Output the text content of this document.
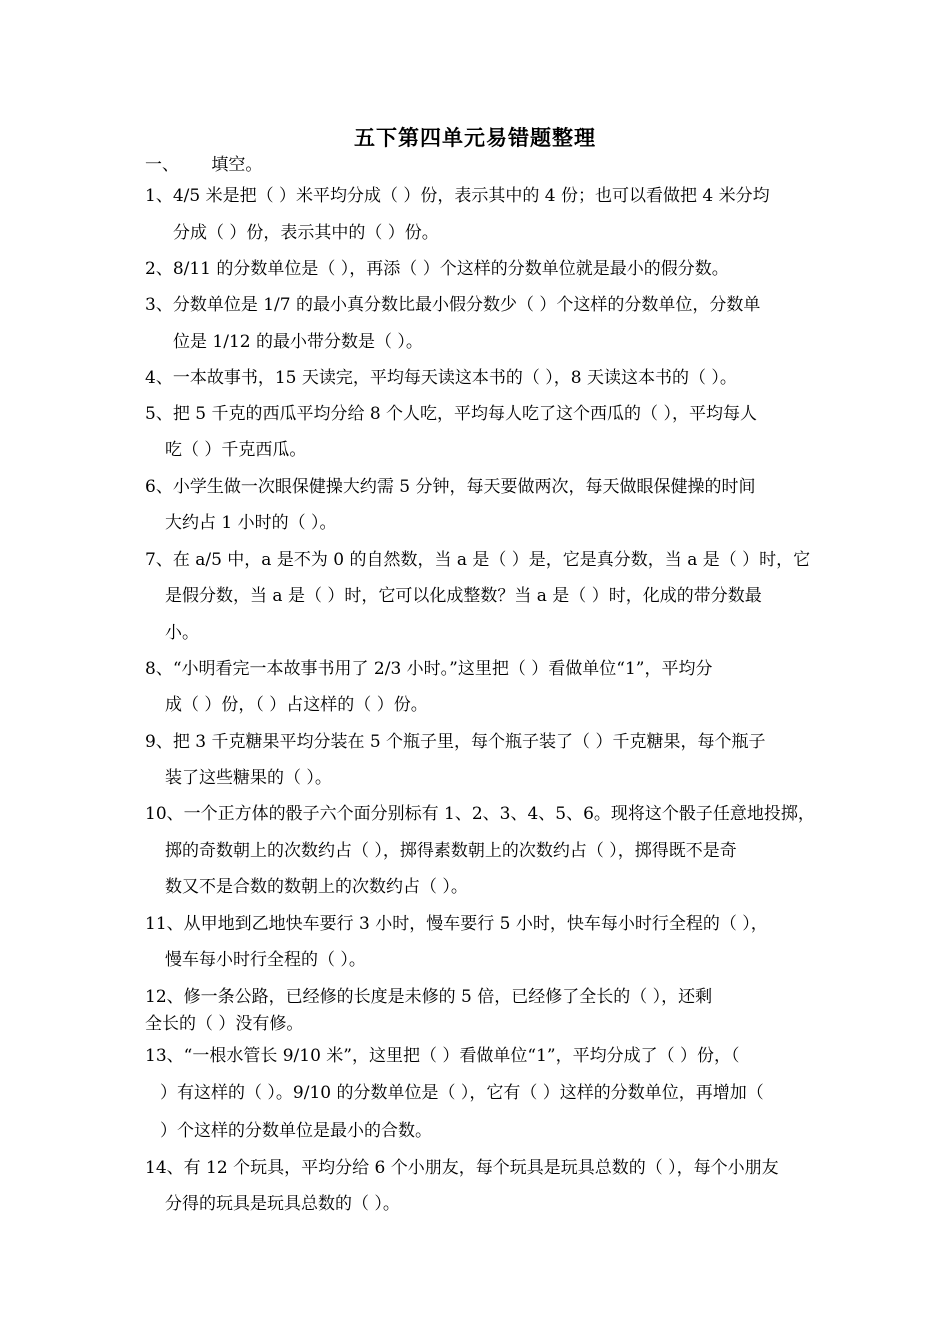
五下第四单元易错题整理
一、      填空。
1、4/5 米是把（ ）米平均分成（ ）份，表示其中的 4 份；也可以看做把 4 米分均
分成（ ）份，表示其中的（ ）份。
2、8/11 的分数单位是（ ），再添（ ）个这样的分数单位就是最小的假分数。
3、分数单位是 1/7 的最小真分数比最小假分数少（ ）个这样的分数单位，分数单
位是 1/12 的最小带分数是（ ）。
4、一本故事书，15 天读完，平均每天读这本书的（ ），8 天读这本书的（ ）。
5、把 5 千克的西瓜平均分给 8 个人吃，平均每人吃了这个西瓜的（ ），平均每人
吃（ ）千克西瓜。
6、小学生做一次眼保健操大约需 5 分钟，每天要做两次，每天做眼保健操的时间
大约占 1 小时的（ ）。
7、在 a/5 中，a 是不为 0 的自然数，当 a 是（ ）是，它是真分数，当 a 是（ ）时，它
是假分数，当 a 是（ ）时，它可以化成整数？当 a 是（ ）时，化成的带分数最
小。
8、“小明看完一本故事书用了 2/3 小时。”这里把（ ）看做单位“1”，平均分
成（ ）份，（ ）占这样的（ ）份。
9、把 3 千克糖果平均分装在 5 个瓶子里，每个瓶子装了（ ）千克糖果，每个瓶子
装了这些糖果的（ ）。
10、一个正方体的骰子六个面分别标有 1、2、3、4、5、6。现将这个骰子任意地投掷，
掷的奇数朝上的次数约占（ ），掷得素数朝上的次数约占（ ），掷得既不是奇
数又不是合数的数朝上的次数约占（ ）。
11、从甲地到乙地快车要行 3 小时，慢车要行 5 小时，快车每小时行全程的（ ），
慢车每小时行全程的（ ）。
12、修一条公路，已经修的长度是未修的 5 倍，已经修了全长的（ ），还剩
全长的（ ）没有修。
13、“一根水管长 9/10 米”，这里把（ ）看做单位“1”，平均分成了（ ）份，（
）有这样的（ ）。9/10 的分数单位是（ ），它有（ ）这样的分数单位，再增加（
）个这样的分数单位是最小的合数。
14、有 12 个玩具，平均分给 6 个小朋友，每个玩具是玩具总数的（ ），每个小朋友
分得的玩具是玩具总数的（ ）。
